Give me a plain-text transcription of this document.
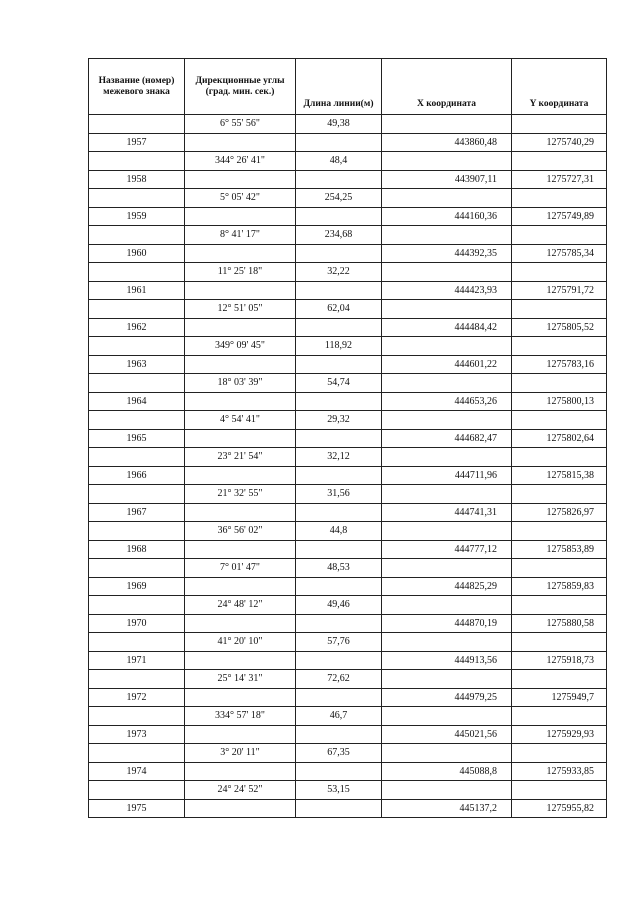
Название (номер) межевого знака	Дирекционные углы (град. мин. сек.)	Длина линии(м)	X координата	Y координата
	6° 55' 56"	49,38		
1957			443860,48	1275740,29
	344° 26' 41"	48,4		
1958			443907,11	1275727,31
	5° 05' 42"	254,25		
1959			444160,36	1275749,89
	8° 41' 17"	234,68		
1960			444392,35	1275785,34
	11° 25' 18"	32,22		
1961			444423,93	1275791,72
	12° 51' 05"	62,04		
1962			444484,42	1275805,52
	349° 09' 45"	118,92		
1963			444601,22	1275783,16
	18° 03' 39"	54,74		
1964			444653,26	1275800,13
	4° 54' 41"	29,32		
1965			444682,47	1275802,64
	23° 21' 54"	32,12		
1966			444711,96	1275815,38
	21° 32' 55"	31,56		
1967			444741,31	1275826,97
	36° 56' 02"	44,8		
1968			444777,12	1275853,89
	7° 01' 47"	48,53		
1969			444825,29	1275859,83
	24° 48' 12"	49,46		
1970			444870,19	1275880,58
	41° 20' 10"	57,76		
1971			444913,56	1275918,73
	25° 14' 31"	72,62		
1972			444979,25	1275949,7
	334° 57' 18"	46,7		
1973			445021,56	1275929,93
	3° 20' 11"	67,35		
1974			445088,8	1275933,85
	24° 24' 52"	53,15		
1975			445137,2	1275955,82
